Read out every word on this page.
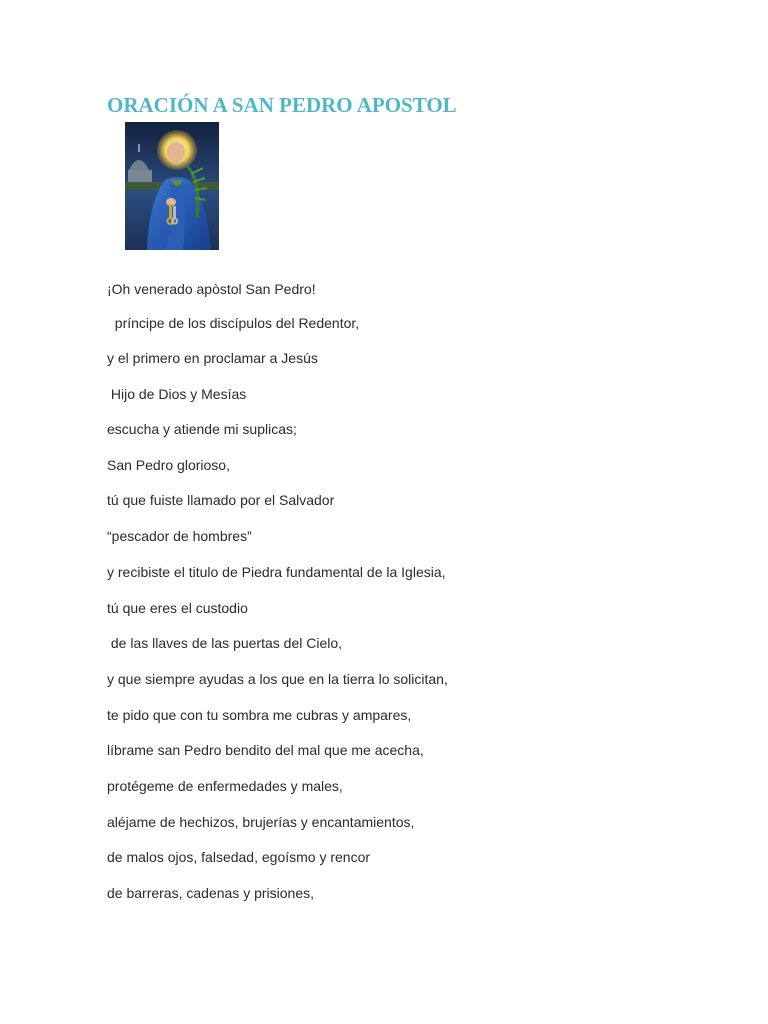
ORACIÓN A SAN PEDRO APOSTOL

¡Oh venerado apòstol San Pedro!

príncipe de los discípulos del Redentor,

y el primero en proclamar a Jesús

Hijo de Dios y Mesías

escucha y atiende mi suplicas;

San Pedro glorioso,

tú que fuiste llamado por el Salvador

“pescador de hombres”

y recibiste el titulo de Piedra fundamental de la Iglesia,

tú que eres el custodio

de las llaves de las puertas del Cielo,

y que siempre ayudas a los que en la tierra lo solicitan,

te pido que con tu sombra me cubras y ampares,

líbrame san Pedro bendito del mal que me acecha,

protégeme de enfermedades y males,

aléjame de hechizos, brujerías y encantamientos,

de malos ojos, falsedad, egoísmo y rencor

de barreras, cadenas y prisiones,
